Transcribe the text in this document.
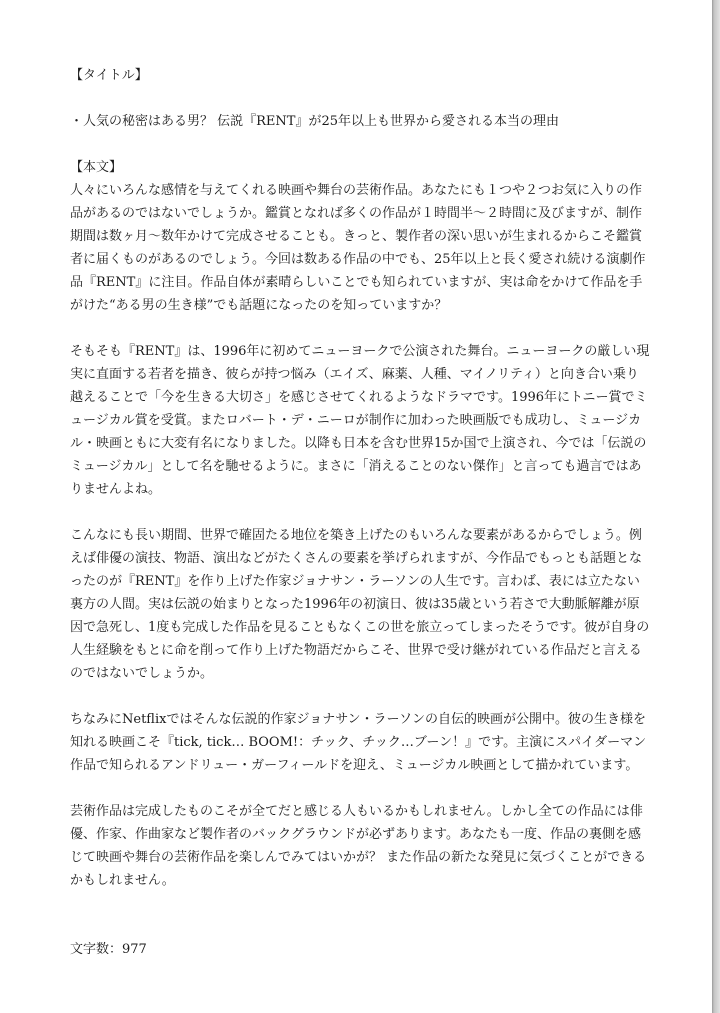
【タイトル】

・人気の秘密はある男？ 伝説『RENT』が25年以上も世界から愛される本当の理由

【本文】

人々にいろんな感情を与えてくれる映画や舞台の芸術作品。あなたにも１つや２つお気に入りの作品があるのではないでしょうか。鑑賞となれば多くの作品が１時間半〜２時間に及びますが、制作期間は数ヶ月〜数年かけて完成させることも。きっと、製作者の深い思いが生まれるからこそ鑑賞者に届くものがあるのでしょう。今回は数ある作品の中でも、25年以上と長く愛され続ける演劇作品『RENT』に注目。作品自体が素晴らしいことでも知られていますが、実は命をかけて作品を手がけた“ある男の生き様”でも話題になったのを知っていますか？

そもそも『RENT』は、1996年に初めてニューヨークで公演された舞台。ニューヨークの厳しい現実に直面する若者を描き、彼らが持つ悩み（エイズ、麻薬、人種、マイノリティ）と向き合い乗り越えることで「今を生きる大切さ」を感じさせてくれるようなドラマです。1996年にトニー賞でミュージカル賞を受賞。またロバート・デ・ニーロが制作に加わった映画版でも成功し、ミュージカル・映画ともに大変有名になりました。以降も日本を含む世界15か国で上演され、今では「伝説のミュージカル」として名を馳せるように。まさに「消えることのない傑作」と言っても過言ではありませんよね。

こんなにも長い期間、世界で確固たる地位を築き上げたのもいろんな要素があるからでしょう。例えば俳優の演技、物語、演出などがたくさんの要素を挙げられますが、今作品でもっとも話題となったのが『RENT』を作り上げた作家ジョナサン・ラーソンの人生です。言わば、表には立たない裏方の人間。実は伝説の始まりとなった1996年の初演日、彼は35歳という若さで大動脈解離が原因で急死し、1度も完成した作品を見ることもなくこの世を旅立ってしまったそうです。彼が自身の人生経験をもとに命を削って作り上げた物語だからこそ、世界で受け継がれている作品だと言えるのではないでしょうか。

ちなみにNetflixではそんな伝説的作家ジョナサン・ラーソンの自伝的映画が公開中。彼の生き様を知れる映画こそ『tick, tick… BOOM!：チック、チック…ブーン！』です。主演にスパイダーマン作品で知られるアンドリュー・ガーフィールドを迎え、ミュージカル映画として描かれています。

芸術作品は完成したものこそが全てだと感じる人もいるかもしれません。しかし全ての作品には俳優、作家、作曲家など製作者のバックグラウンドが必ずあります。あなたも一度、作品の裏側を感じて映画や舞台の芸術作品を楽しんでみてはいかが？ また作品の新たな発見に気づくことができるかもしれません。

文字数：977
